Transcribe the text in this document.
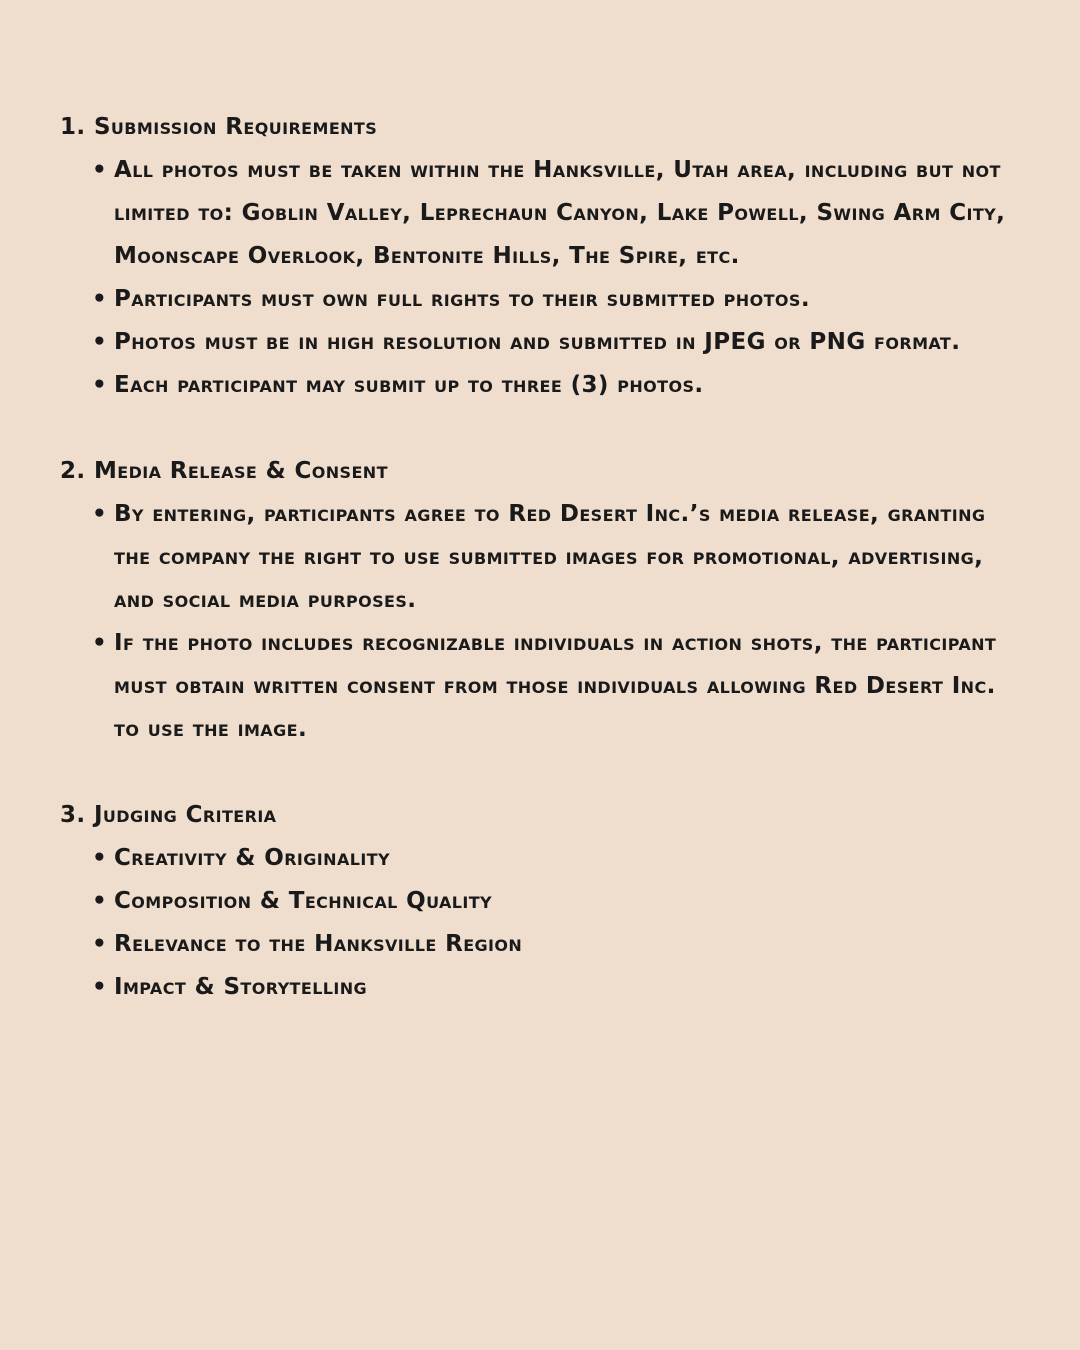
1. Submission Requirements
• All photos must be taken within the Hanksville, Utah area, including but not limited to: Goblin Valley, Leprechaun Canyon, Lake Powell, Swing Arm City, Moonscape Overlook, Bentonite Hills, The Spire, etc.
• Participants must own full rights to their submitted photos.
• Photos must be in high resolution and submitted in JPEG or PNG format.
• Each participant may submit up to three (3) photos.
2. Media Release & Consent
• By entering, participants agree to Red Desert Inc.’s media release, granting the company the right to use submitted images for promotional, advertising, and social media purposes.
• If the photo includes recognizable individuals in action shots, the participant must obtain written consent from those individuals allowing Red Desert Inc. to use the image.
3. Judging Criteria
• Creativity & Originality
• Composition & Technical Quality
• Relevance to the Hanksville Region
• Impact & Storytelling
